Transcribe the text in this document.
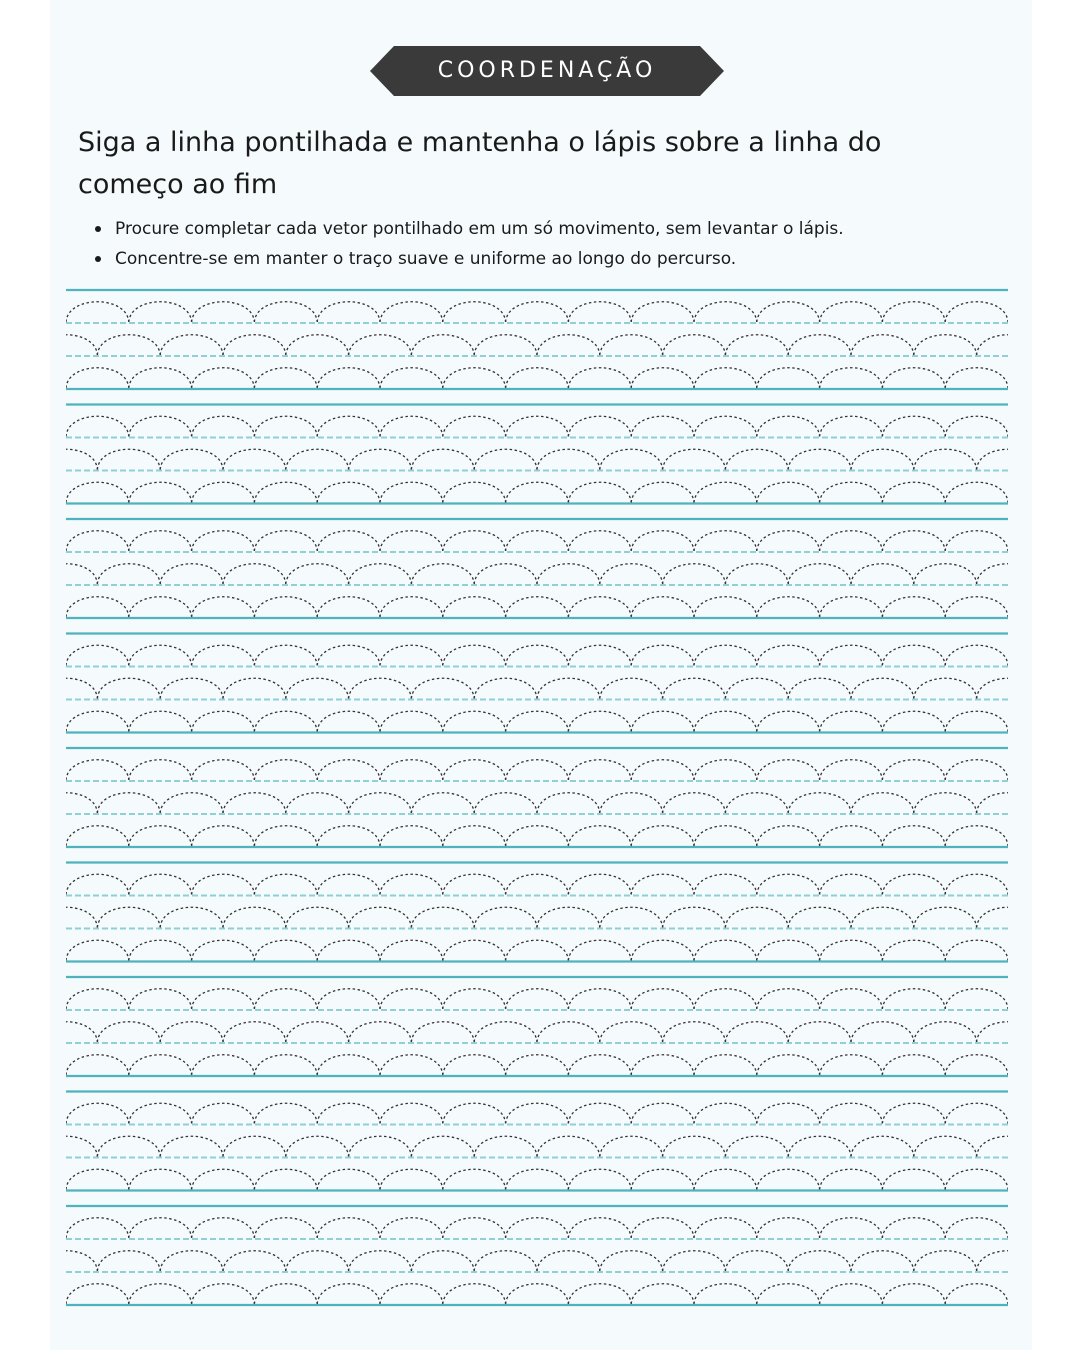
COORDENAÇÃO
Siga a linha pontilhada e mantenha o lápis sobre a linha do começo ao fim
Procure completar cada vetor pontilhado em um só movimento, sem levantar o lápis.
Concentre-se em manter o traço suave e uniforme ao longo do percurso.
